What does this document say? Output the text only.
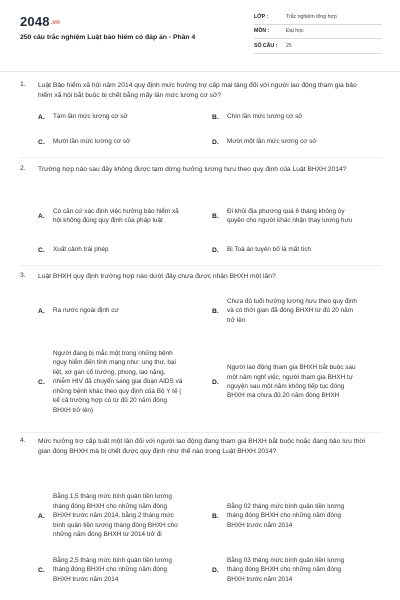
2048.vn
250 câu trắc nghiệm Luật bảo hiểm có đáp án - Phần 4
LỚP :	Trắc nghiệm tổng hợp
MÔN :	Đại học
SỐ CÂU :	25
1.	Luật Bảo hiểm xã hội năm 2014 quy định mức hưởng trợ cấp mai táng đối với người lao động tham gia bảo hiểm xã hội bắt buộc bị chết bằng mấy lần mức lương cơ sở?
A.	Tám lần mức lương cơ sở	B.	Chín lần mức lương cơ sở
C.	Mười lần mức lương cơ sở	D.	Mười một lần mức lương cơ sở
2.	Trường hợp nào sau đây không được tạm dừng hưởng lương hưu theo quy định của Luật BHXH 2014?
A.
Có căn cứ xác định việc hưởng bảo hiểm xã hội không đúng quy định của pháp luật
B.
Đi khỏi địa phương quá 6 tháng không ủy quyền cho người khác nhận thay lương hưu
C.	Xuất cảnh trái phép	D.	Bị Toà án tuyên bố là mất tích
3.	Luật BHXH quy định trường hợp nào dưới đây chưa được nhận BHXH một lần?
A.	Ra nước ngoài định cư	B.
Chưa đủ tuổi hưởng lương hưu theo quy định và có thời gian đã đóng BHXH từ đủ 20 năm trở lên
C.
Người đang bị mắc một trong những bệnh nguy hiểm đến tính mạng như: ung thư, bại liệt, xơ gan cổ trướng, phong, lao nặng, nhiễm HIV đã chuyển sang giai đoạn AIDS và những bệnh khác theo quy định của Bộ Y tế ( kể cả trường hợp có từ đủ 20 năm đóng BHXH trở lên)
D.
Người lao động tham gia BHXH bắt buộc sau một năm nghỉ việc, người tham gia BHXH tự nguyện sau một năm không tiếp tục đóng BHXH mà chưa đủ 20 năm đóng BHXH
4.	Mức hưởng trợ cấp tuất một lần đối với người lao động đang tham gia BHXH bắt buộc hoặc đang bảo lưu thời gian đóng BHXH mà bị chết được quy định như thế nào trong Luật BHXH 2014?
A.
Bằng 1,5 tháng mức bình quân tiền lương tháng đóng BHXH cho những năm đóng BHXH trước năm 2014, bằng 2 tháng mức bình quân tiền lương tháng đóng BHXH cho những năm đóng BHXH từ 2014 trở đi
B.
Bằng 02 tháng mức bình quân tiền lương tháng đóng BHXH cho những năm đóng BHXH trước năm 2014
C.
Bằng 2,5 tháng mức bình quân tiền lương tháng đóng BHXH cho những năm đóng BHXH trước năm 2014
D.
Bằng 03 tháng mức bình quân tiền lương tháng đóng BHXH cho những năm đóng BHXH trước năm 2014
